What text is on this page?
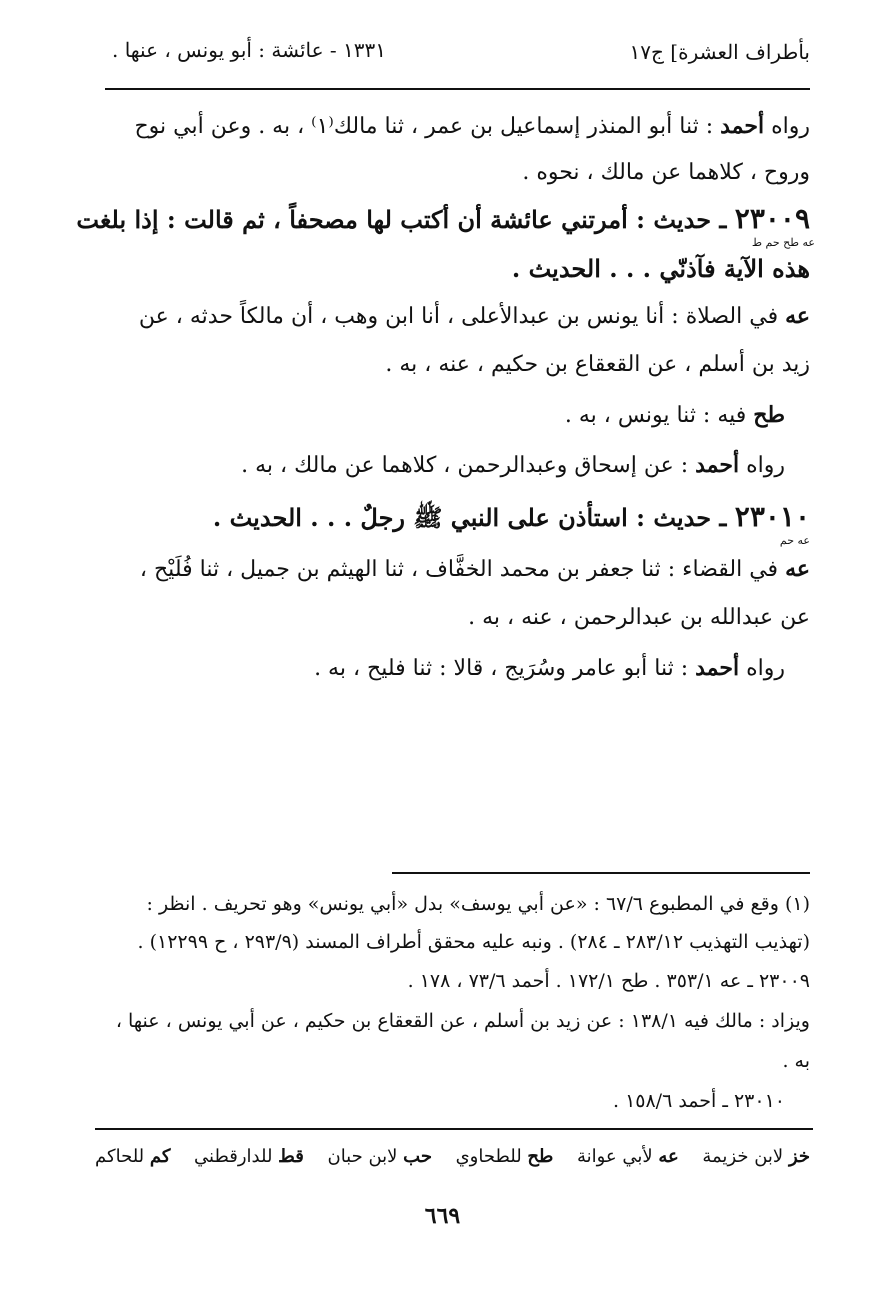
بأطراف العشرة] ج١٧
١٣٣١ - عائشة : أبو يونس ، عنها .
رواه أحمد : ثنا أبو المنذر إسماعيل بن عمر ، ثنا مالك⁽١⁾ ، به . وعن أبي نوح
وروح ، كلاهما عن مالك ، نحوه .
٢٣٠٠٩ ـ حديث : أمرتني عائشة أن أكتب لها مصحفاً ، ثم قالت : إذا بلغت
عه طح حم ط
هذه الآية فآذنّي . . . الحديث .
عه في الصلاة : أنا يونس بن عبدالأعلى ، أنا ابن وهب ، أن مالكاً حدثه ، عن
زيد بن أسلم ، عن القعقاع بن حكيم ، عنه ، به .
طح فيه : ثنا يونس ، به .
رواه أحمد : عن إسحاق وعبدالرحمن ، كلاهما عن مالك ، به .
٢٣٠١٠ ـ حديث : استأذن على النبي ﷺ رجلٌ . . . الحديث .
عه حم
عه في القضاء : ثنا جعفر بن محمد الخفَّاف ، ثنا الهيثم بن جميل ، ثنا فُلَيْح ،
عن عبدالله بن عبدالرحمن ، عنه ، به .
رواه أحمد : ثنا أبو عامر وسُرَيج ، قالا : ثنا فليح ، به .
(١) وقع في المطبوع ٦٧/٦ : «عن أبي يوسف» بدل «أبي يونس» وهو تحريف . انظر :
(تهذيب التهذيب ٢٨٣/١٢ ـ ٢٨٤) . ونبه عليه محقق أطراف المسند (٢٩٣/٩ ، ح ١٢٢٩٩) .
٢٣٠٠٩ ـ عه ٣٥٣/١ . طح ١٧٢/١ . أحمد ٧٣/٦ ، ١٧٨ .
ويزاد : مالك فيه ١٣٨/١ : عن زيد بن أسلم ، عن القعقاع بن حكيم ، عن أبي يونس ، عنها ،
به .
٢٣٠١٠ ـ أحمد ١٥٨/٦ .
خز لابن خزيمة
عه لأبي عوانة
طح للطحاوي
حب لابن حبان
قط للدارقطني
كم للحاكم
٦٦٩
